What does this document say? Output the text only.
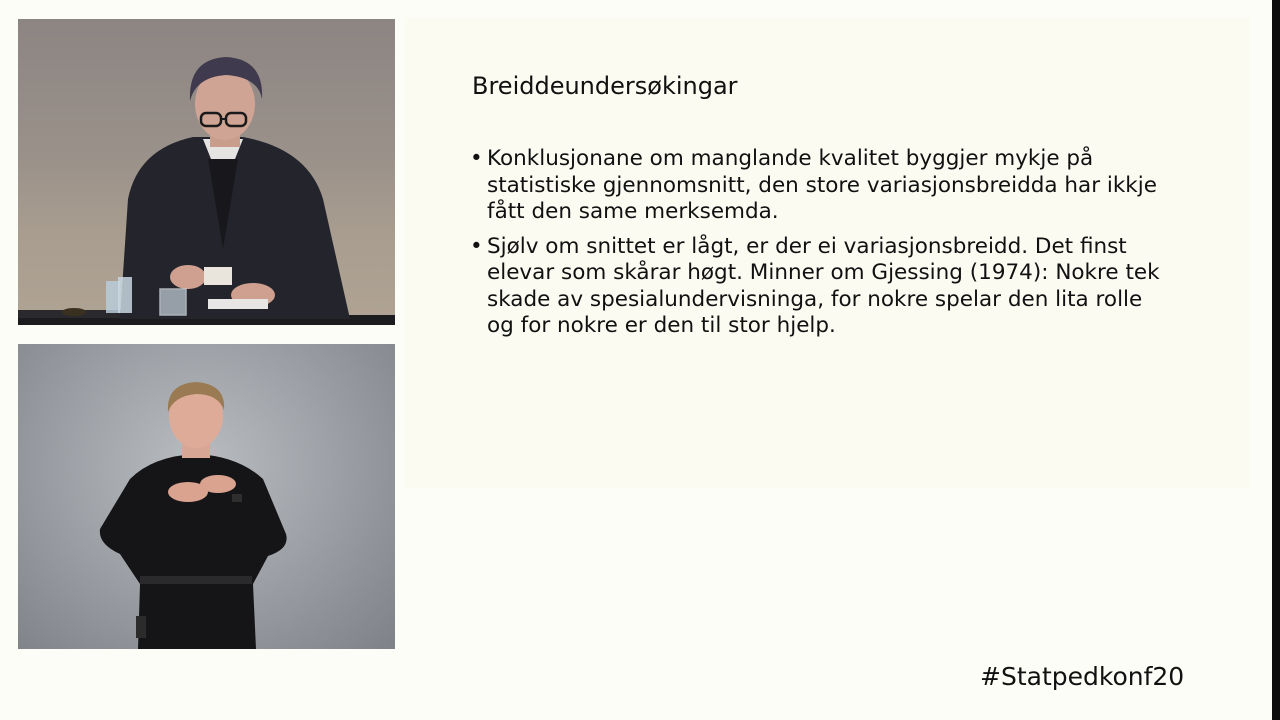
Breiddeundersøkingar
• Konklusjonane om manglande kvalitet byggjer mykje på statistiske gjennomsnitt, den store variasjonsbreidda har ikkje fått den same merksemda.
• Sjølv om snittet er lågt, er der ei variasjonsbreidd. Det finst elevar som skårar høgt. Minner om Gjessing (1974): Nokre tek skade av spesialundervisninga, for nokre spelar den lita rolle og for nokre er den til stor hjelp.
#Statpedkonf20
